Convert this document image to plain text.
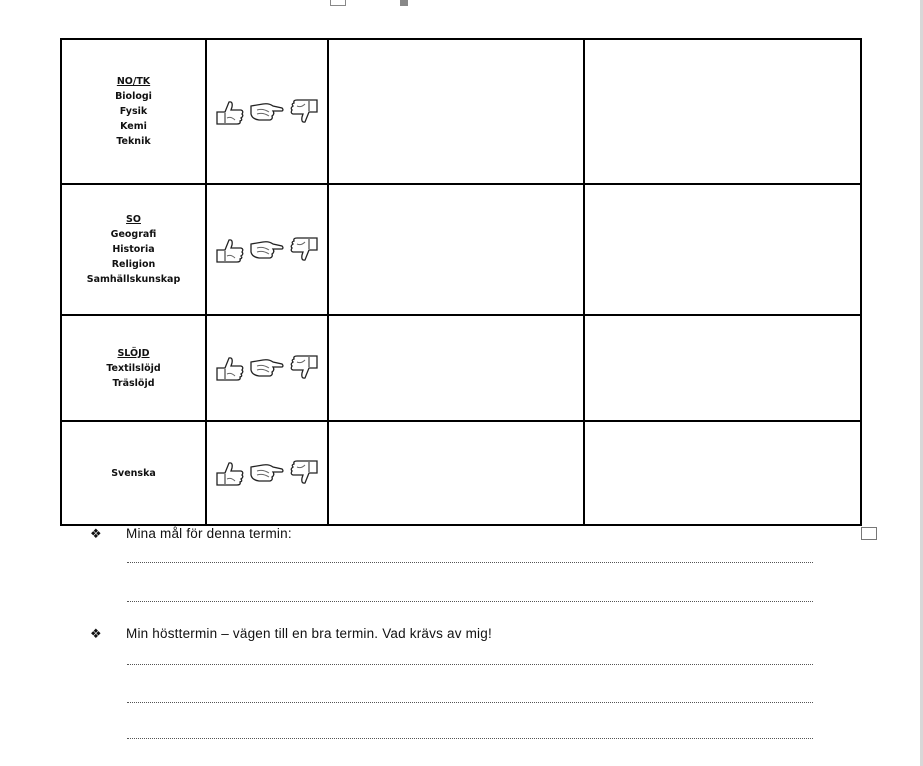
NO/TK
Biologi
Fysik
Kemi
Teknik

SO
Geografi
Historia
Religion
Samhällskunskap

SLÖJD
Textilslöjd
Träslöjd

Svenska

❖ Mina mål för denna termin:
❖ Min hösttermin – vägen till en bra termin. Vad krävs av mig!
